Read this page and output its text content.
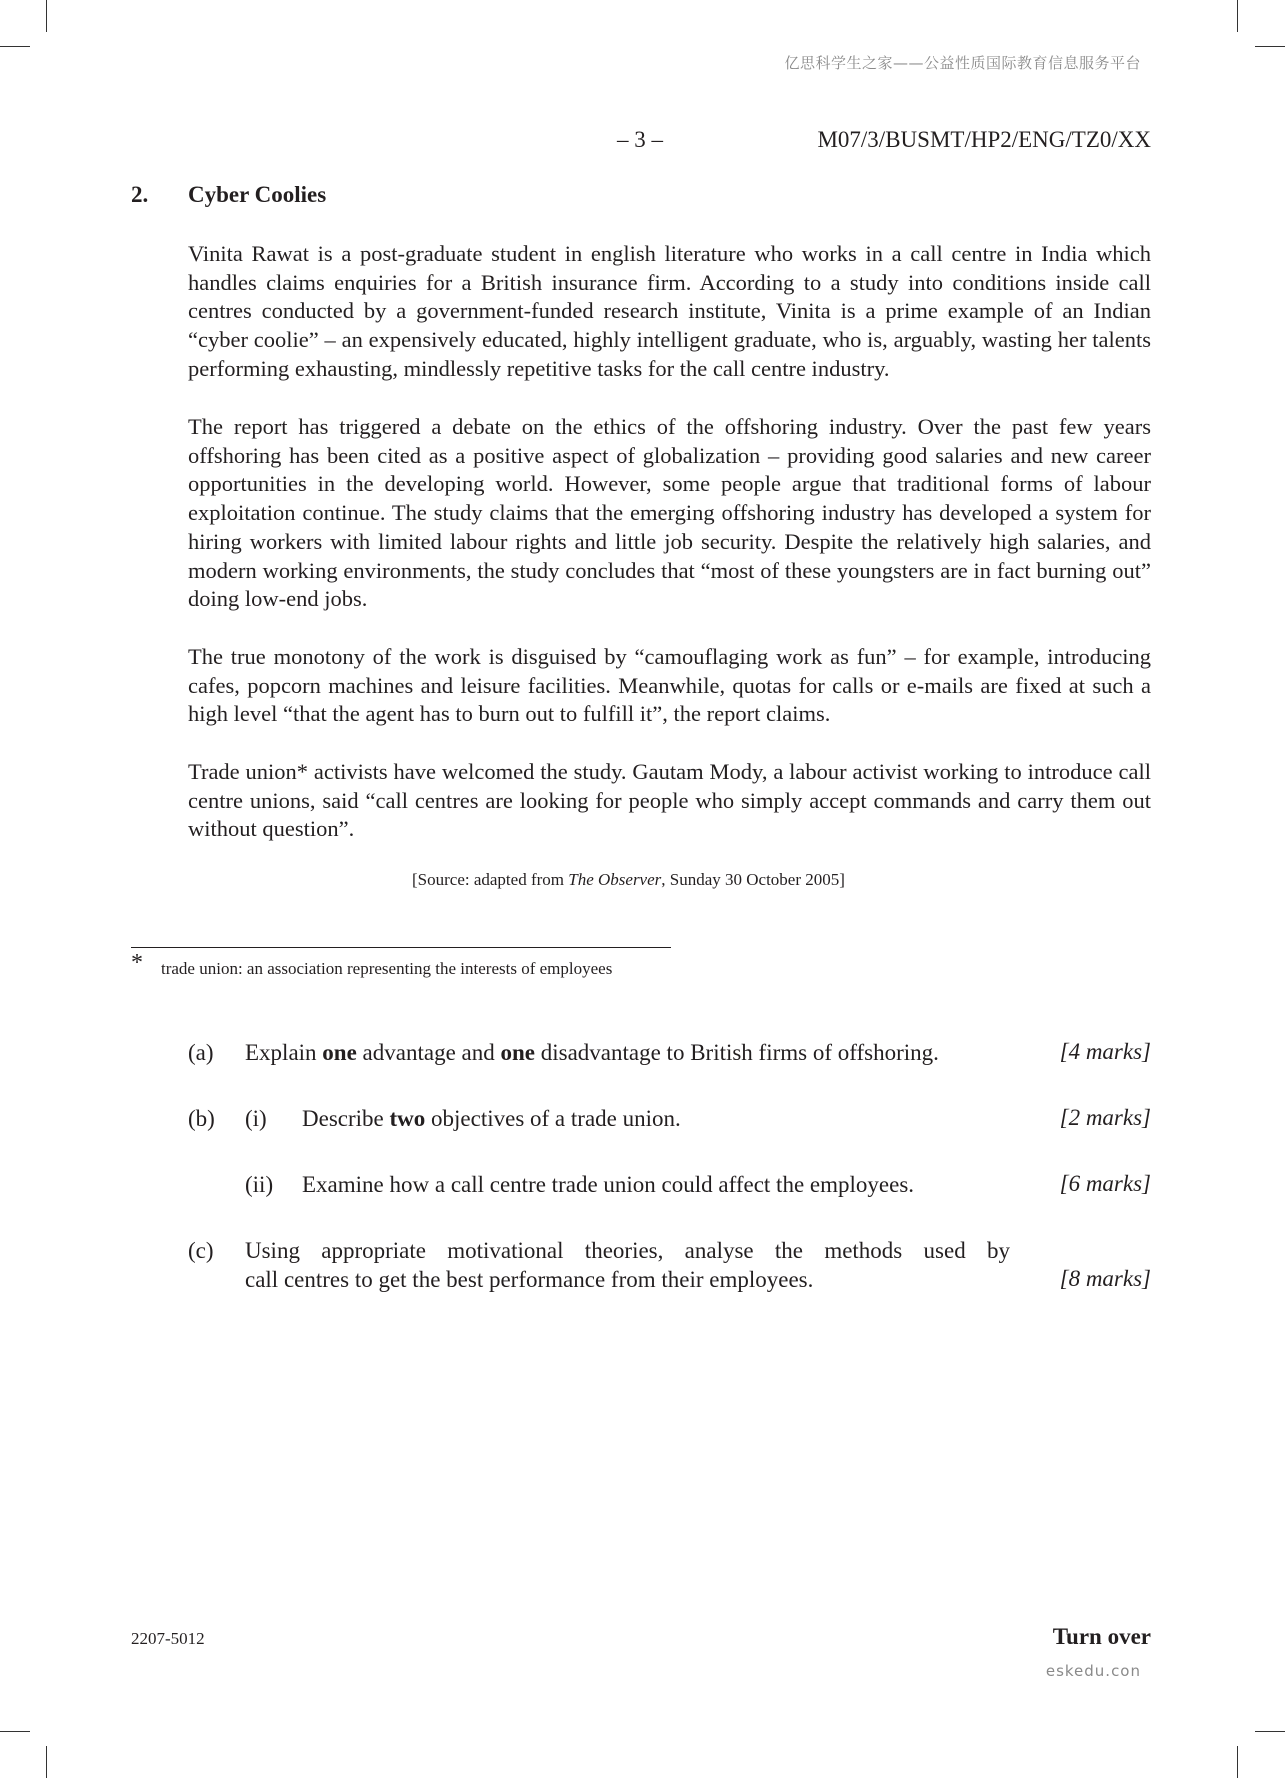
亿思科学生之家——公益性质国际教育信息服务平台
– 3 –	M07/3/BUSMT/HP2/ENG/TZ0/XX
2. Cyber Coolies

Vinita Rawat is a post-graduate student in english literature who works in a call centre in India which handles claims enquiries for a British insurance firm. According to a study into conditions inside call centres conducted by a government-funded research institute, Vinita is a prime example of an Indian “cyber coolie” – an expensively educated, highly intelligent graduate, who is, arguably, wasting her talents performing exhausting, mindlessly repetitive tasks for the call centre industry.

The report has triggered a debate on the ethics of the offshoring industry. Over the past few years offshoring has been cited as a positive aspect of globalization – providing good salaries and new career opportunities in the developing world. However, some people argue that traditional forms of labour exploitation continue. The study claims that the emerging offshoring industry has developed a system for hiring workers with limited labour rights and little job security. Despite the relatively high salaries, and modern working environments, the study concludes that “most of these youngsters are in fact burning out” doing low-end jobs.

The true monotony of the work is disguised by “camouflaging work as fun” – for example, introducing cafes, popcorn machines and leisure facilities. Meanwhile, quotas for calls or e-mails are fixed at such a high level “that the agent has to burn out to fulfill it”, the report claims.

Trade union* activists have welcomed the study. Gautam Mody, a labour activist working to introduce call centre unions, said “call centres are looking for people who simply accept commands and carry them out without question”.

[Source: adapted from The Observer, Sunday 30 October 2005]
* trade union: an association representing the interests of employees
(a) Explain one advantage and one disadvantage to British firms of offshoring.	[4 marks]
(b) (i) Describe two objectives of a trade union.	[2 marks]
(ii) Examine how a call centre trade union could affect the employees.	[6 marks]
(c) Using appropriate motivational theories, analyse the methods used by
call centres to get the best performance from their employees.	[8 marks]
2207-5012	Turn over
eskedu.con
